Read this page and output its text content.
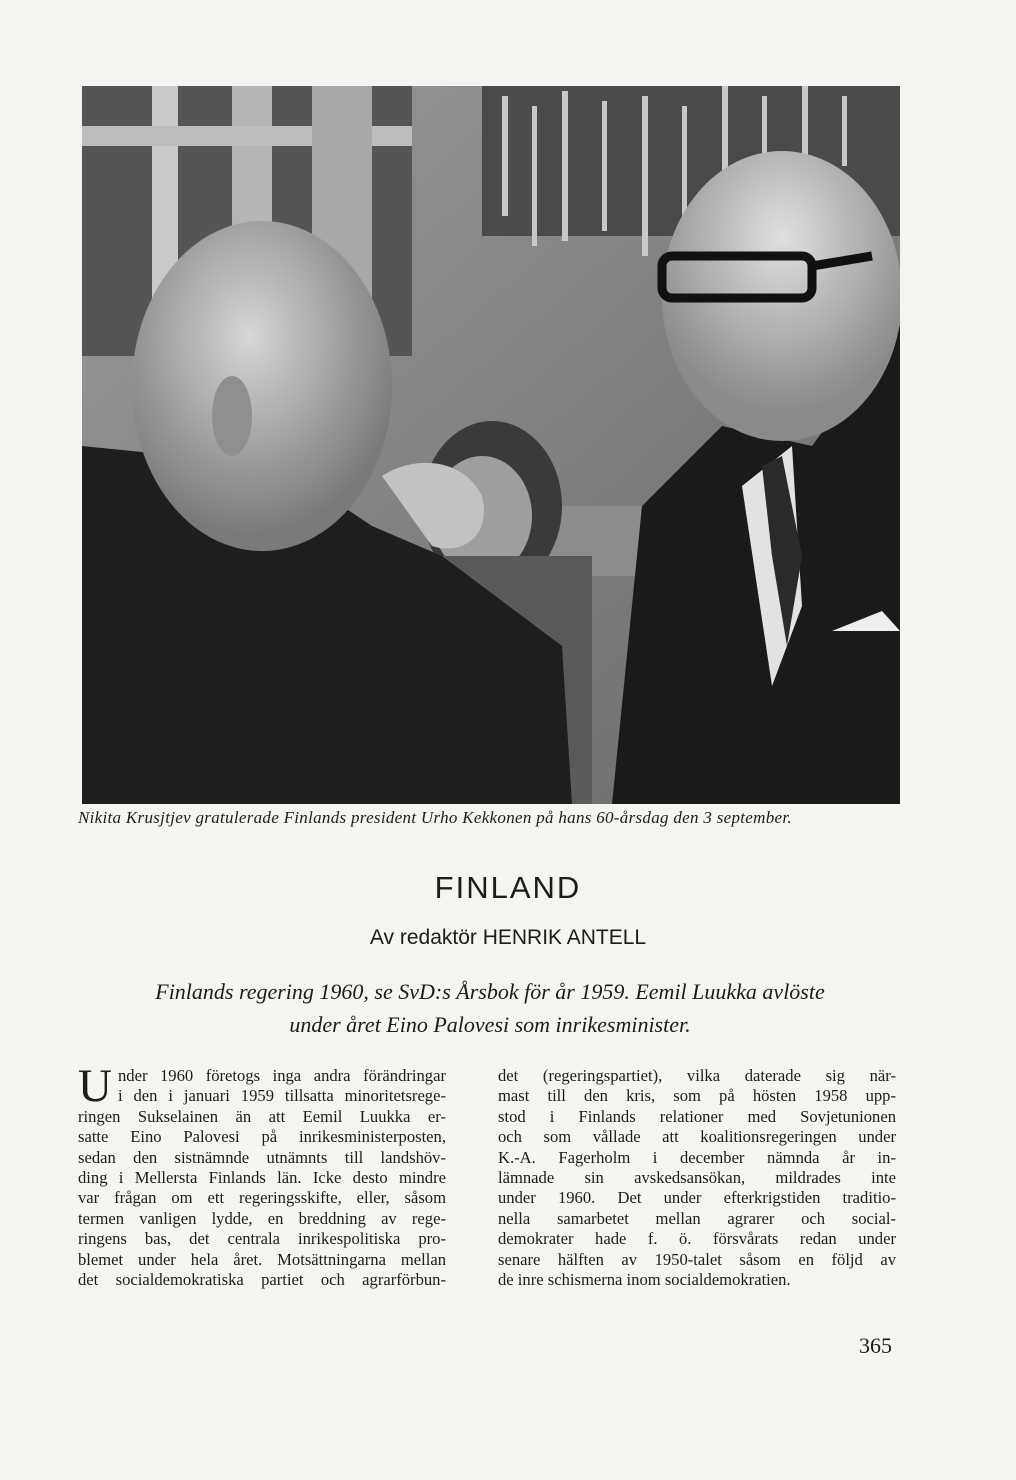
Nikita Krusjtjev gratulerade Finlands president Urho Kekkonen på hans 60-årsdag den 3 september.
FINLAND
Av redaktör HENRIK ANTELL
Finlands regering 1960, se SvD:s Årsbok för år 1959. Eemil Luukka avlöste
under året Eino Palovesi som inrikesminister.
U nder 1960 företogs inga andra förändringar
i den i januari 1959 tillsatta minoritetsrege-
ringen Sukselainen än att Eemil Luukka er-
satte Eino Palovesi på inrikesministerposten,
sedan den sistnämnde utnämnts till landshöv-
ding i Mellersta Finlands län. Icke desto mindre
var frågan om ett regeringsskifte, eller, såsom
termen vanligen lydde, en breddning av rege-
ringens bas, det centrala inrikespolitiska pro-
blemet under hela året. Motsättningarna mellan
det socialdemokratiska partiet och agrarförbun-
det (regeringspartiet), vilka daterade sig när-
mast till den kris, som på hösten 1958 upp-
stod i Finlands relationer med Sovjetunionen
och som vållade att koalitionsregeringen under
K.-A. Fagerholm i december nämnda år in-
lämnade sin avskedsansökan, mildrades inte
under 1960. Det under efterkrigstiden traditio-
nella samarbetet mellan agrarer och social-
demokrater hade f. ö. försvårats redan under
senare hälften av 1950-talet såsom en följd av
de inre schismerna inom socialdemokratien.
365
